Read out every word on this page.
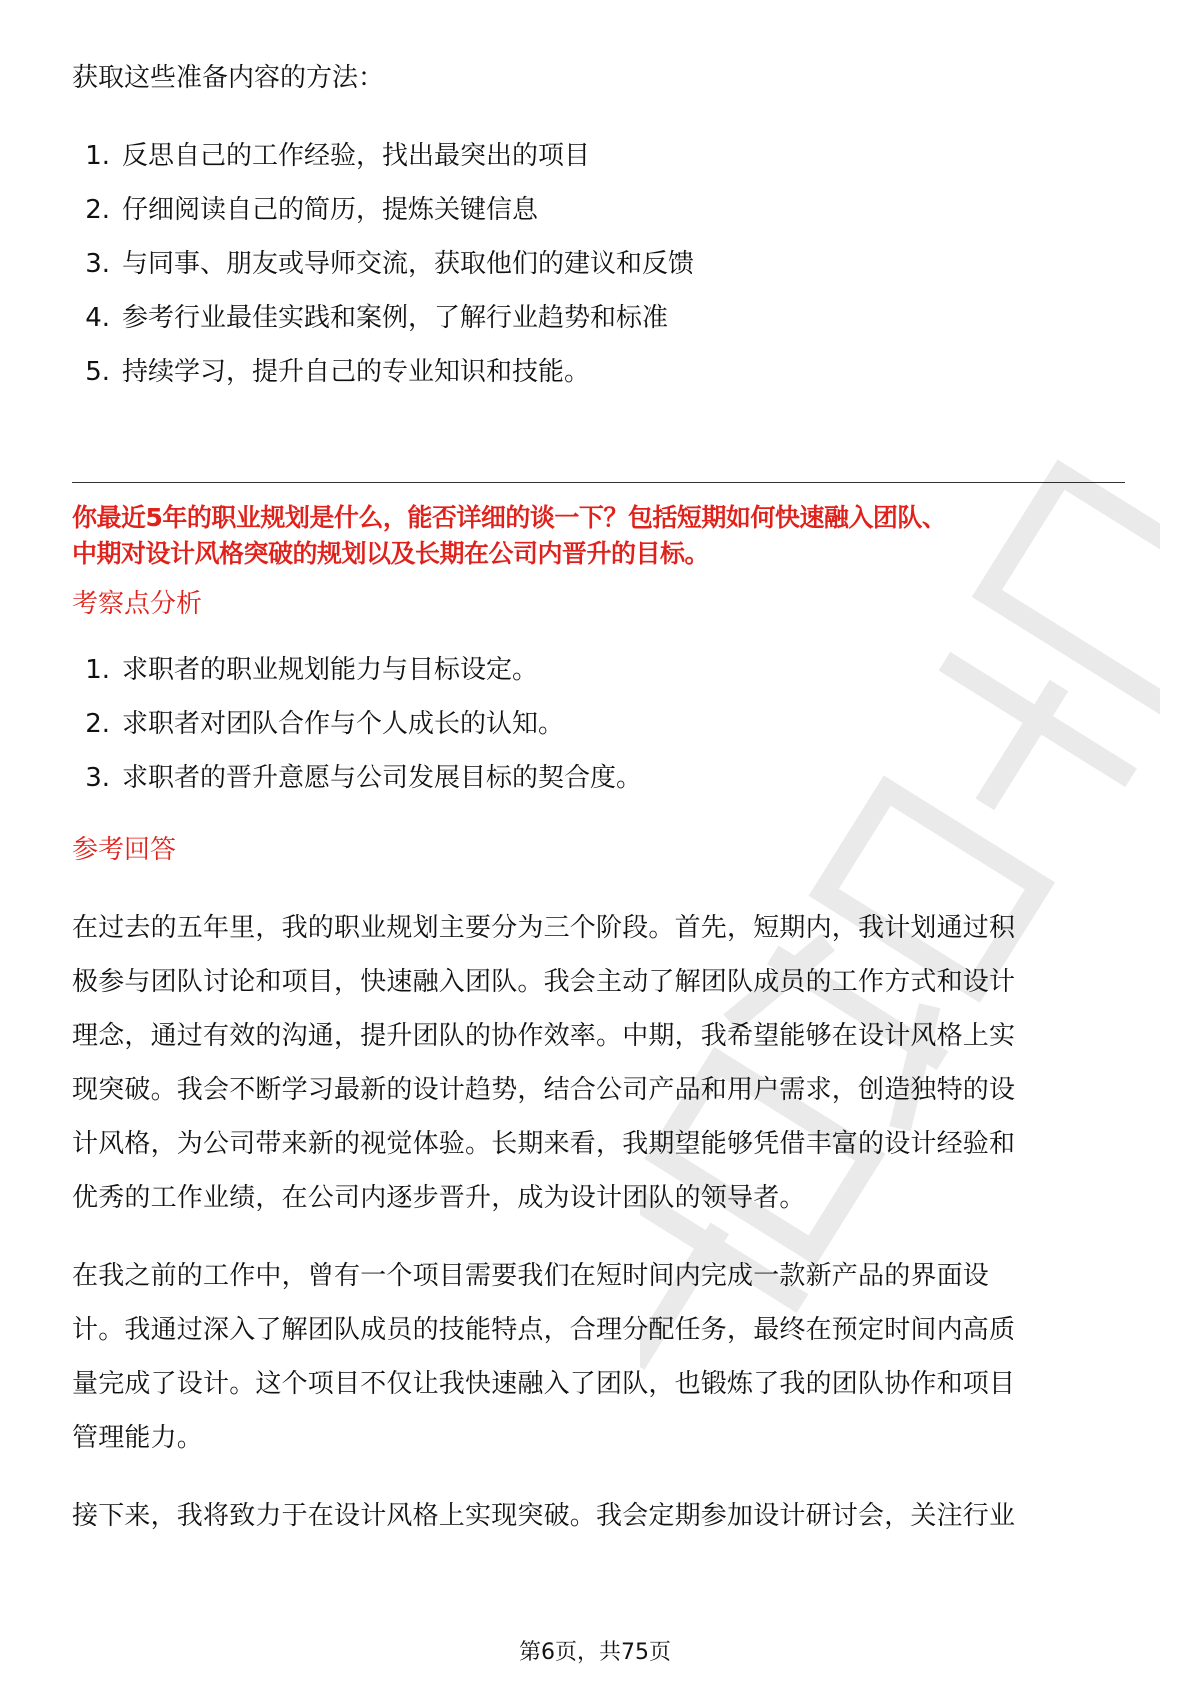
获取这些准备内容的方法：

1. 反思自己的工作经验，找出最突出的项目

2. 仔细阅读自己的简历，提炼关键信息

3. 与同事、朋友或导师交流，获取他们的建议和反馈

4. 参考行业最佳实践和案例，了解行业趋势和标准

5. 持续学习，提升自己的专业知识和技能。

你最近5年的职业规划是什么，能否详细的谈一下？包括短期如何快速融入团队、

中期对设计风格突破的规划以及长期在公司内晋升的目标。

考察点分析

1. 求职者的职业规划能力与目标设定。

2. 求职者对团队合作与个人成长的认知。

3. 求职者的晋升意愿与公司发展目标的契合度。

参考回答

在过去的五年里，我的职业规划主要分为三个阶段。首先，短期内，我计划通过积

极参与团队讨论和项目，快速融入团队。我会主动了解团队成员的工作方式和设计

理念，通过有效的沟通，提升团队的协作效率。中期，我希望能够在设计风格上实

现突破。我会不断学习最新的设计趋势，结合公司产品和用户需求，创造独特的设

计风格，为公司带来新的视觉体验。长期来看，我期望能够凭借丰富的设计经验和

优秀的工作业绩，在公司内逐步晋升，成为设计团队的领导者。

在我之前的工作中，曾有一个项目需要我们在短时间内完成一款新产品的界面设

计。我通过深入了解团队成员的技能特点，合理分配任务，最终在预定时间内高质

量完成了设计。这个项目不仅让我快速融入了团队，也锻炼了我的团队协作和项目

管理能力。

接下来，我将致力于在设计风格上实现突破。我会定期参加设计研讨会，关注行业

第6页，共75页
